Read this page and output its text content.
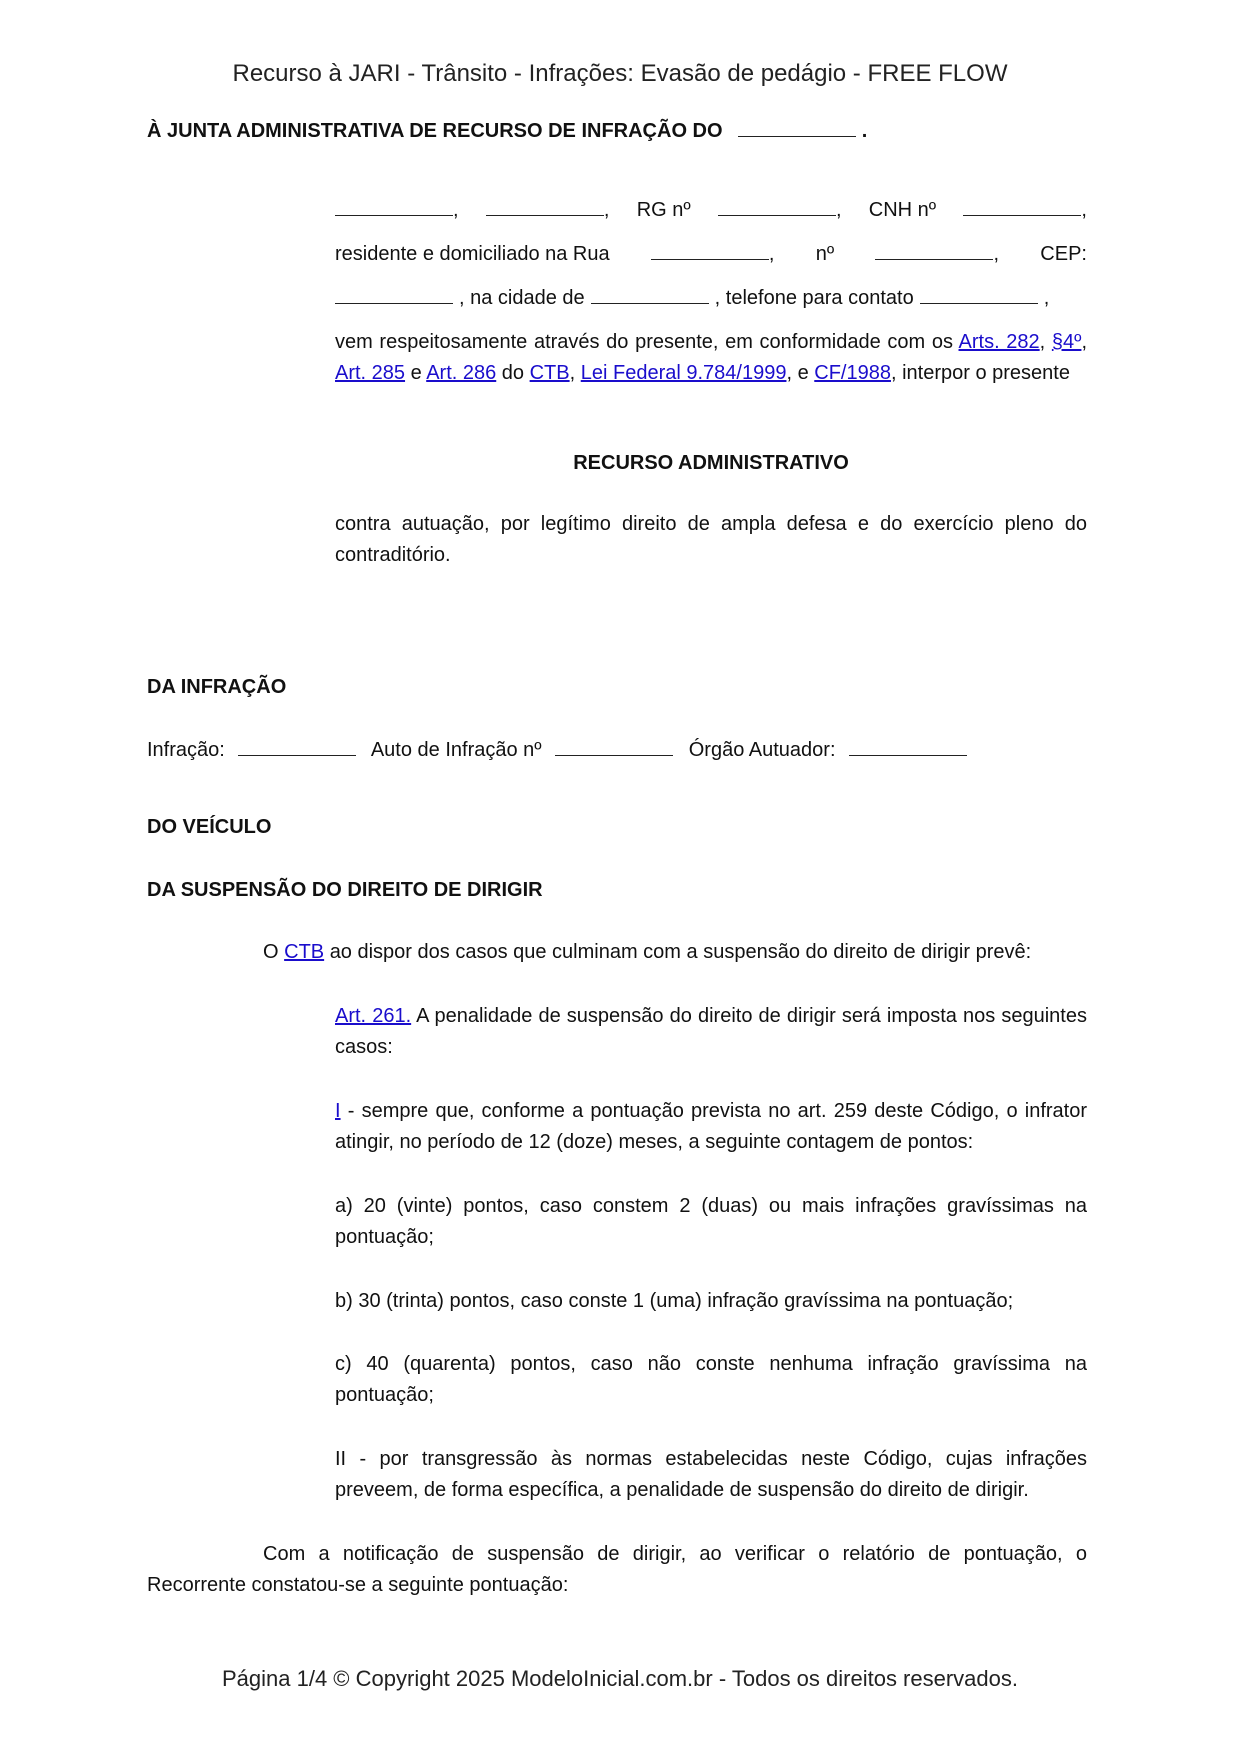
Recurso à JARI - Trânsito - Infrações: Evasão de pedágio - FREE FLOW
À JUNTA ADMINISTRATIVA DE RECURSO DE INFRAÇÃO DO	.
,	, RG nº	, CNH nº	,
residente e domiciliado na Rua	, nº	, CEP:
, na cidade de	, telefone para contato	,

vem respeitosamente através do presente, em conformidade com os Arts. 282, §4º, Art. 285 e Art. 286 do CTB, Lei Federal 9.784/1999, e CF/1988, interpor o presente

RECURSO ADMINISTRATIVO

contra autuação, por legítimo direito de ampla defesa e do exercício pleno do contraditório.

DA INFRAÇÃO
Infração:	Auto de Infração nº	Órgão Autuador:
DO VEÍCULO
DA SUSPENSÃO DO DIREITO DE DIRIGIR
O CTB ao dispor dos casos que culminam com a suspensão do direito de dirigir prevê:

Art. 261. A penalidade de suspensão do direito de dirigir será imposta nos seguintes casos:

I - sempre que, conforme a pontuação prevista no art. 259 deste Código, o infrator atingir, no período de 12 (doze) meses, a seguinte contagem de pontos:

a) 20 (vinte) pontos, caso constem 2 (duas) ou mais infrações gravíssimas na pontuação;

b) 30 (trinta) pontos, caso conste 1 (uma) infração gravíssima na pontuação;

c) 40 (quarenta) pontos, caso não conste nenhuma infração gravíssima na pontuação;

II - por transgressão às normas estabelecidas neste Código, cujas infrações preveem, de forma específica, a penalidade de suspensão do direito de dirigir.

Com a notificação de suspensão de dirigir, ao verificar o relatório de pontuação, o Recorrente constatou-se a seguinte pontuação:

Página 1/4 © Copyright 2025 ModeloInicial.com.br - Todos os direitos reservados.
